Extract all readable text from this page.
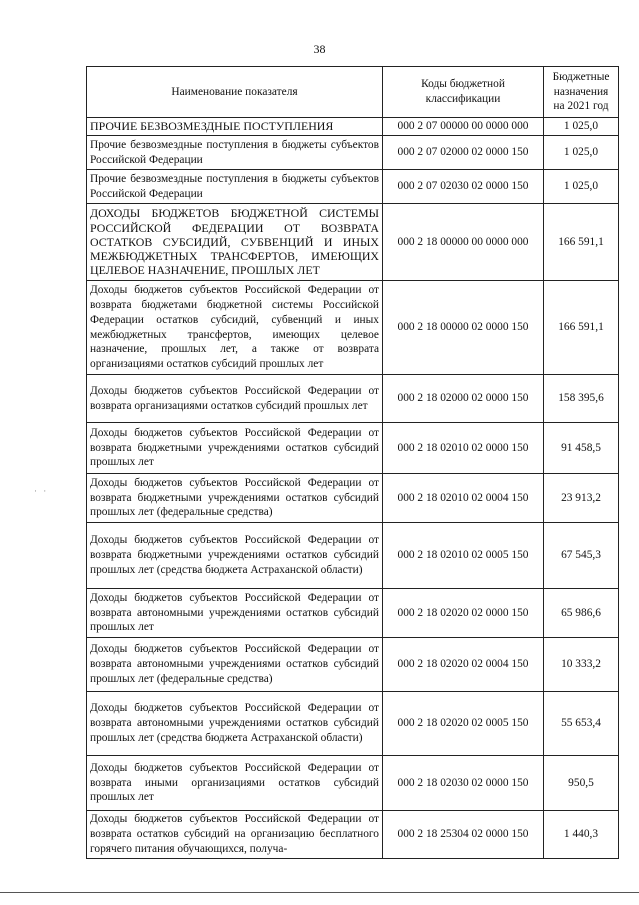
38
Наименование показателя	Коды бюджетной классификации	Бюджетные назначения на 2021 год
ПРОЧИЕ БЕЗВОЗМЕЗДНЫЕ ПОСТУПЛЕНИЯ	000 2 07 00000 00 0000 000	1 025,0
Прочие безвозмездные поступления в бюджеты субъектов Российской Федерации	000 2 07 02000 02 0000 150	1 025,0
Прочие безвозмездные поступления в бюджеты субъектов Российской Федерации	000 2 07 02030 02 0000 150	1 025,0
ДОХОДЫ БЮДЖЕТОВ БЮДЖЕТНОЙ СИСТЕМЫ РОССИЙСКОЙ ФЕДЕРАЦИИ ОТ ВОЗВРАТА ОСТАТКОВ СУБСИДИЙ, СУБВЕНЦИЙ И ИНЫХ МЕЖБЮДЖЕТНЫХ ТРАНСФЕРТОВ, ИМЕЮЩИХ ЦЕЛЕВОЕ НАЗНАЧЕНИЕ, ПРОШЛЫХ ЛЕТ	000 2 18 00000 00 0000 000	166 591,1
Доходы бюджетов субъектов Российской Федерации от возврата бюджетами бюджетной системы Российской Федерации остатков субсидий, субвенций и иных межбюджетных трансфертов, имеющих целевое назначение, прошлых лет, а также от возврата организациями остатков субсидий прошлых лет	000 2 18 00000 02 0000 150	166 591,1
Доходы бюджетов субъектов Российской Федерации от возврата организациями остатков субсидий прошлых лет	000 2 18 02000 02 0000 150	158 395,6
Доходы бюджетов субъектов Российской Федерации от возврата бюджетными учреждениями остатков субсидий прошлых лет	000 2 18 02010 02 0000 150	91 458,5
Доходы бюджетов субъектов Российской Федерации от возврата бюджетными учреждениями остатков субсидий прошлых лет (федеральные средства)	000 2 18 02010 02 0004 150	23 913,2
Доходы бюджетов субъектов Российской Федерации от возврата бюджетными учреждениями остатков субсидий прошлых лет (средства бюджета Астраханской области)	000 2 18 02010 02 0005 150	67 545,3
Доходы бюджетов субъектов Российской Федерации от возврата автономными учреждениями остатков субсидий прошлых лет	000 2 18 02020 02 0000 150	65 986,6
Доходы бюджетов субъектов Российской Федерации от возврата автономными учреждениями остатков субсидий прошлых лет (федеральные средства)	000 2 18 02020 02 0004 150	10 333,2
Доходы бюджетов субъектов Российской Федерации от возврата автономными учреждениями остатков субсидий прошлых лет (средства бюджета Астраханской области)	000 2 18 02020 02 0005 150	55 653,4
Доходы бюджетов субъектов Российской Федерации от возврата иными организациями остатков субсидий прошлых лет	000 2 18 02030 02 0000 150	950,5
Доходы бюджетов субъектов Российской Федерации от возврата остатков субсидий на организацию бесплатного горячего питания обучающихся, получа-	000 2 18 25304 02 0000 150	1 440,3
· ·
